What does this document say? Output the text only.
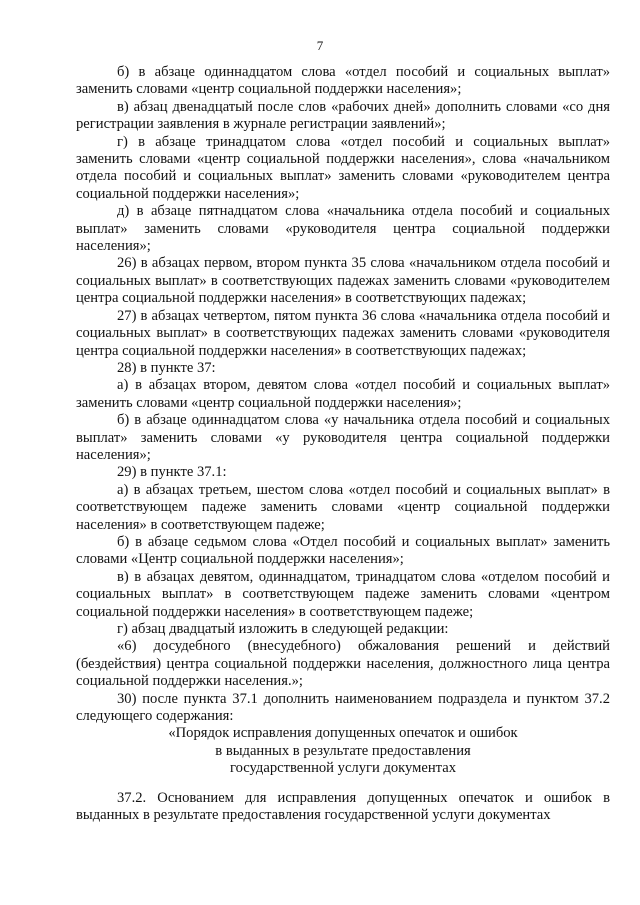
7

б) в абзаце одиннадцатом слова «отдел пособий и социальных выплат» заменить словами «центр социальной поддержки населения»;

в) абзац двенадцатый после слов «рабочих дней» дополнить словами «со дня регистрации заявления в журнале регистрации заявлений»;

г) в абзаце тринадцатом слова «отдел пособий и социальных выплат» заменить словами «центр социальной поддержки населения», слова «начальником отдела пособий и социальных выплат» заменить словами «руководителем центра социальной поддержки населения»;

д) в абзаце пятнадцатом слова «начальника отдела пособий и социальных выплат» заменить словами «руководителя центра социальной поддержки населения»;

26) в абзацах первом, втором пункта 35 слова «начальником отдела пособий и социальных выплат» в соответствующих падежах заменить словами «руководителем центра социальной поддержки населения» в соответствующих падежах;

27) в абзацах четвертом, пятом пункта 36 слова «начальника отдела пособий и социальных выплат» в соответствующих падежах заменить словами «руководителя центра социальной поддержки населения» в соответствующих падежах;

28) в пункте 37:

а) в абзацах втором, девятом слова «отдел пособий и социальных выплат» заменить словами «центр социальной поддержки населения»;

б) в абзаце одиннадцатом слова «у начальника отдела пособий и социальных выплат» заменить словами «у руководителя центра социальной поддержки населения»;

29) в пункте 37.1:

а) в абзацах третьем, шестом слова «отдел пособий и социальных выплат» в соответствующем падеже заменить словами «центр социальной поддержки населения» в соответствующем падеже;

б) в абзаце седьмом слова «Отдел пособий и социальных выплат» заменить словами «Центр социальной поддержки населения»;

в) в абзацах девятом, одиннадцатом, тринадцатом слова «отделом пособий и социальных выплат» в соответствующем падеже заменить словами «центром социальной поддержки населения» в соответствующем падеже;

г) абзац двадцатый изложить в следующей редакции:

«6) досудебного (внесудебного) обжалования решений и действий (бездействия) центра социальной поддержки населения, должностного лица центра социальной поддержки населения.»;

30) после пункта 37.1 дополнить наименованием подраздела и пунктом 37.2 следующего содержания:

«Порядок исправления допущенных опечаток и ошибок
в выданных в результате предоставления
государственной услуги документах

37.2. Основанием для исправления допущенных опечаток и ошибок в выданных в результате предоставления государственной услуги документах
